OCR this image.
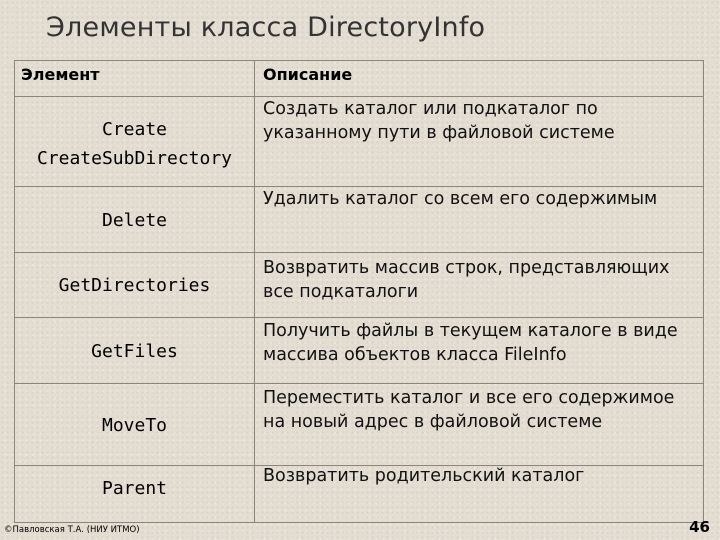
Элементы класса DirectoryInfo
Элемент	Описание
Create
CreateSubDirectory
Создать каталог или подкаталог по указанному пути в файловой системе
Delete
Удалить каталог со всем его содержимым
GetDirectories
Возвратить массив строк, представляющих все подкаталоги
GetFiles
Получить файлы в текущем каталоге в виде массива объектов класса FileInfo
MoveTo
Переместить каталог и все его содержимое на новый адрес в файловой системе
Parent
Возвратить родительский каталог
©Павловская Т.А. (НИУ ИТМО)	46
